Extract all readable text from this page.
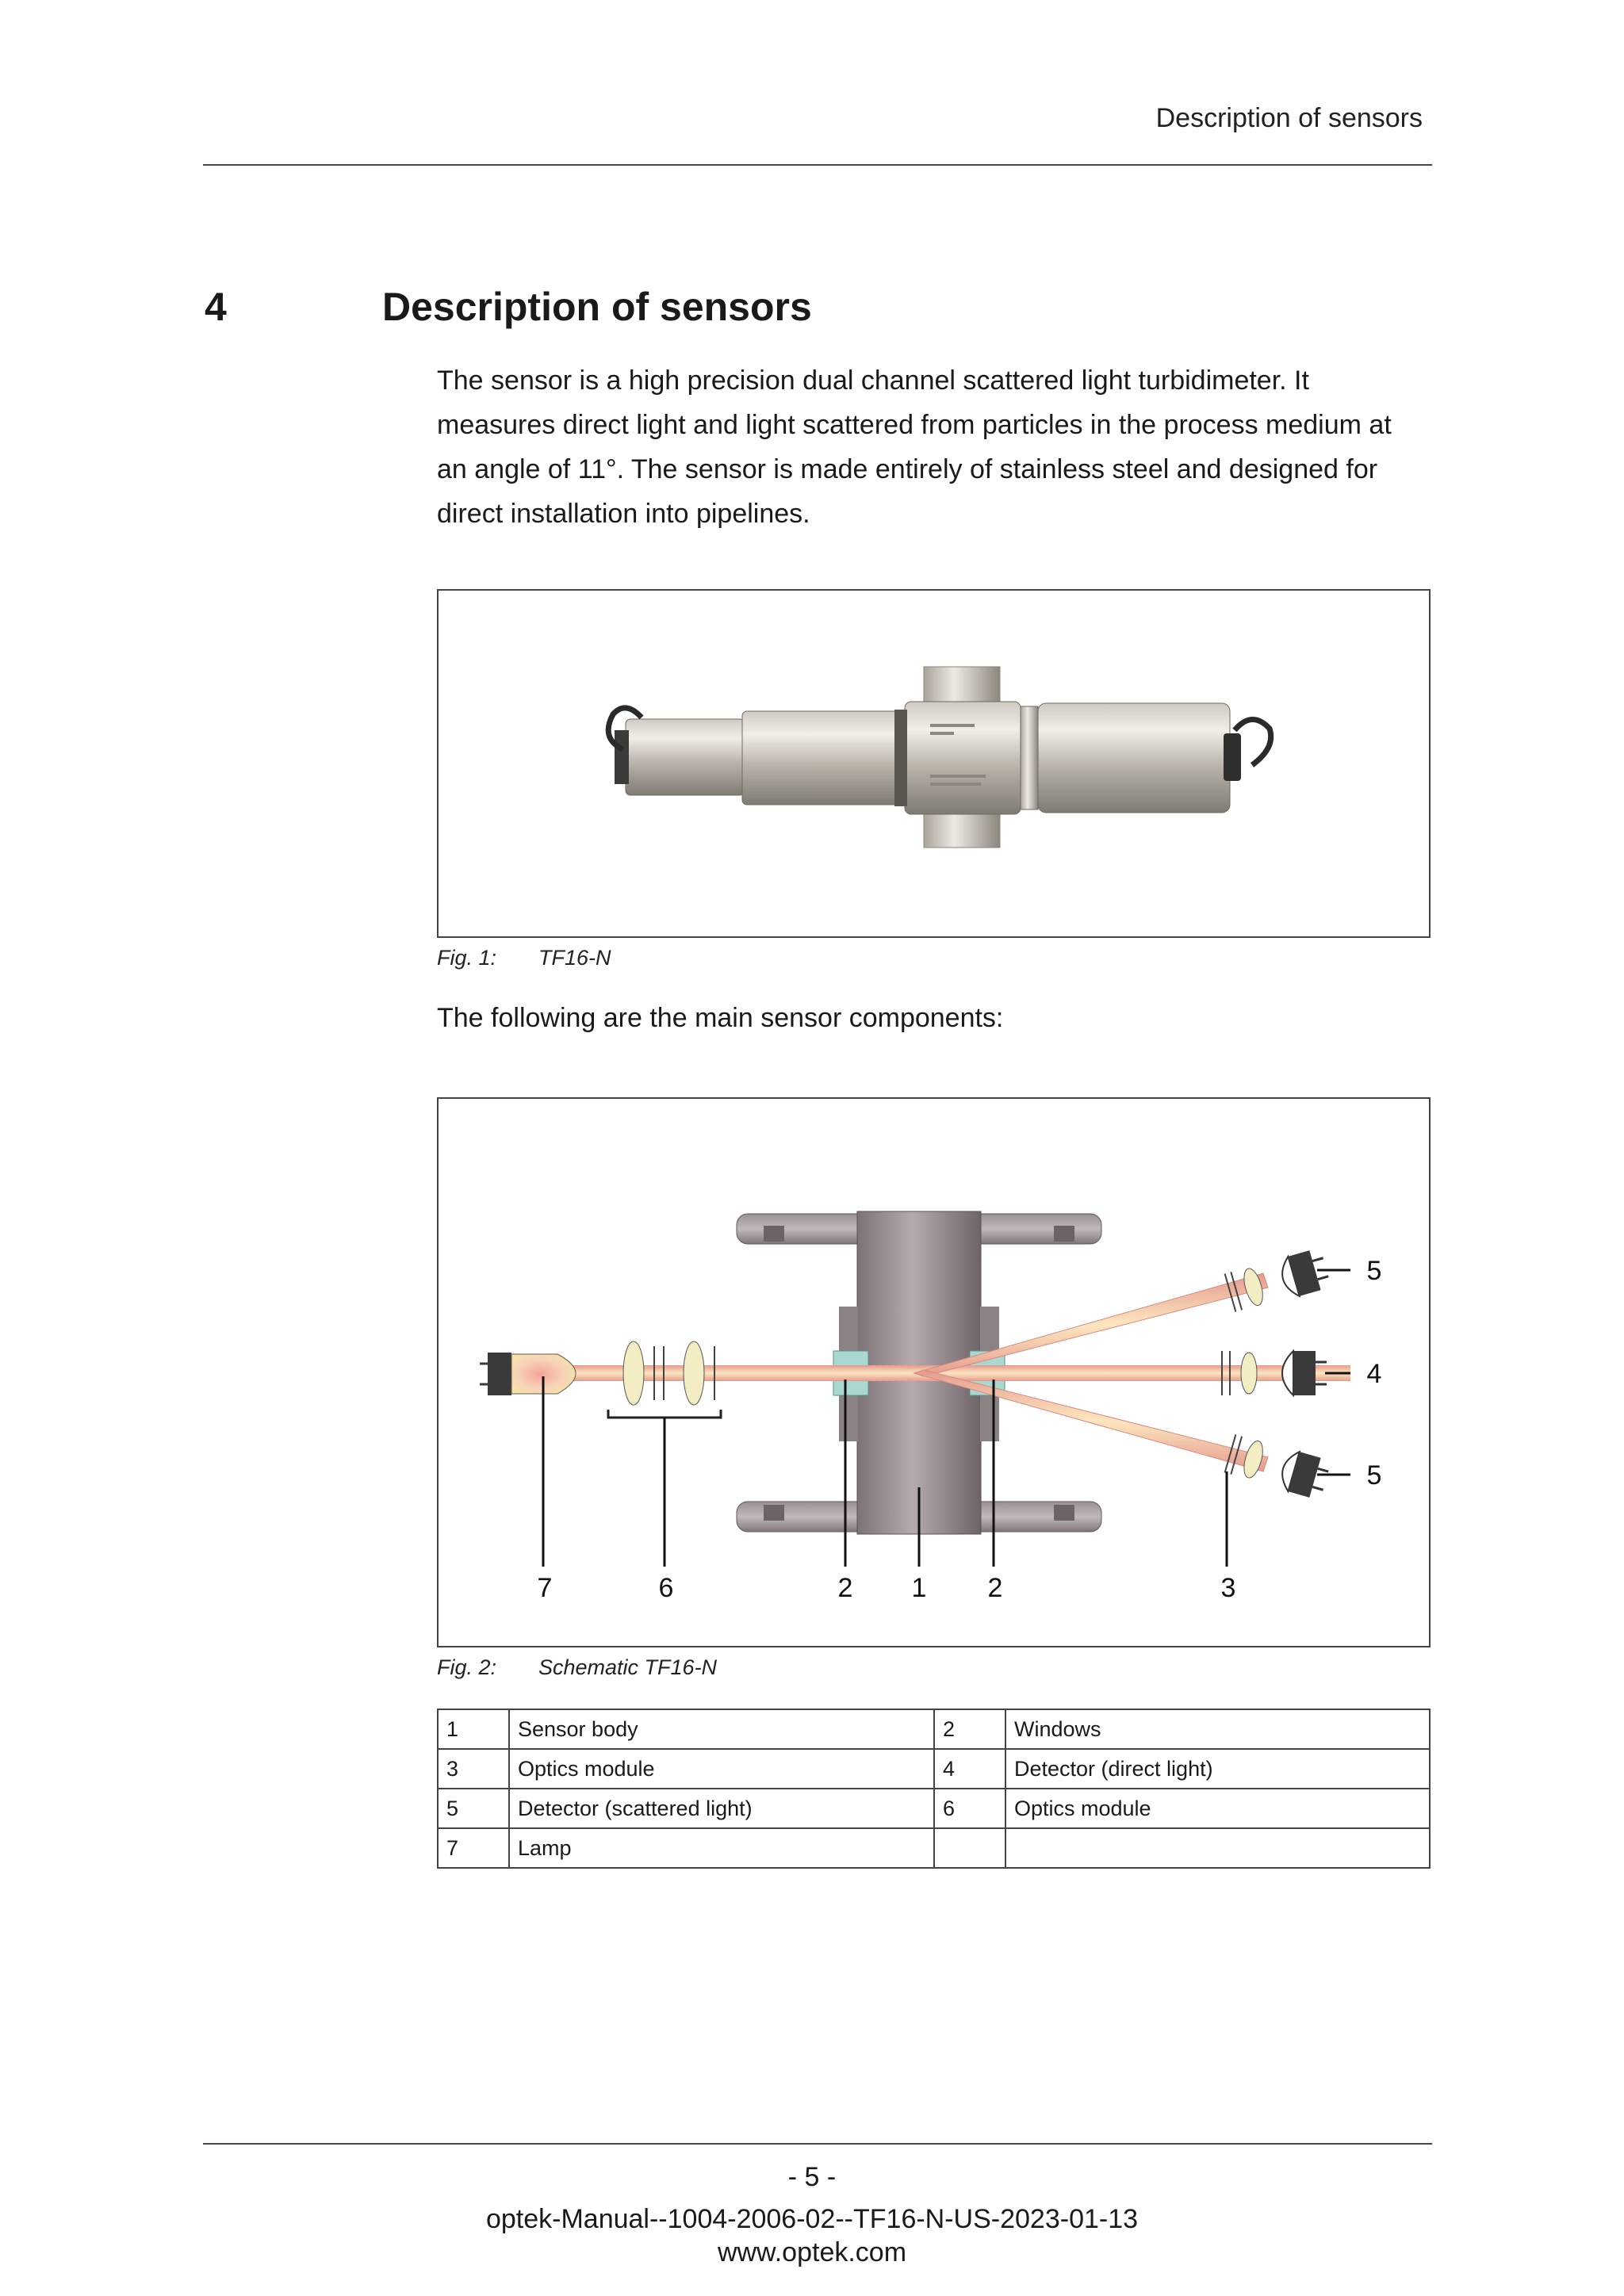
Description of sensors
4	Description of sensors

The sensor is a high precision dual channel scattered light turbidimeter. It measures direct light and light scattered from particles in the process medium at an angle of 11°. The sensor is made entirely of stainless steel and designed for direct installation into pipelines.

Fig. 1: TF16-N

The following are the main sensor components:

5
4
5
7	6	2 1 2	3
Fig. 2: Schematic TF16-N
1	Sensor body	2	Windows
3	Optics module	4	Detector (direct light)
5	Detector (scattered light)	6	Optics module
7	Lamp		
- 5 -
optek-Manual--1004-2006-02--TF16-N-US-2023-01-13
www.optek.com
